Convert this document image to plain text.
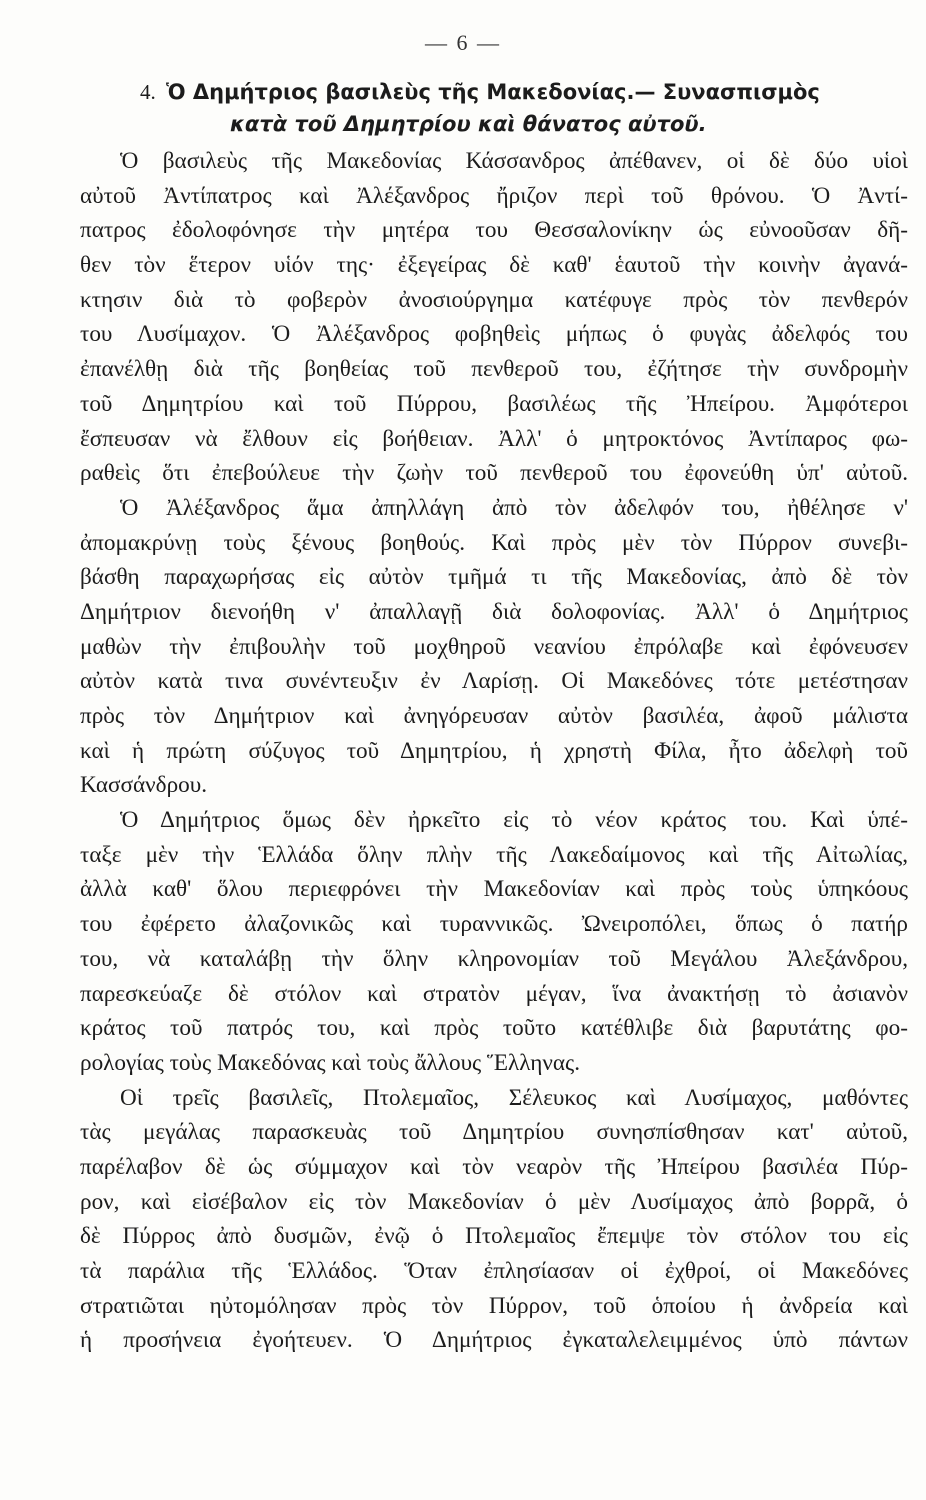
— 6 —
4. Ὁ Δημήτριος βασιλεὺς τῆς Μακεδονίας.— Συνασπισμὸς
κατὰ τοῦ Δημητρίου καὶ θάνατος αὐτοῦ.
Ὁ βασιλεὺς τῆς Μακεδονίας Κάσσανδρος ἀπέθανεν, οἱ δὲ δύο υἱοὶ
αὐτοῦ Ἀντίπατρος καὶ Ἀλέξανδρος ἤριζον περὶ τοῦ θρόνου. Ὁ Ἀντί-
πατρος ἐδολοφόνησε τὴν μητέρα του Θεσσαλονίκην ὡς εὐνοοῦσαν δῆ-
θεν τὸν ἕτερον υἱόν της· ἐξεγείρας δὲ καθ' ἑαυτοῦ τὴν κοινὴν ἀγανά-
κτησιν διὰ τὸ φοβερὸν ἀνοσιούργημα κατέφυγε πρὸς τὸν πενθερόν
του Λυσίμαχον. Ὁ Ἀλέξανδρος φοβηθεὶς μήπως ὁ φυγὰς ἀδελφός του
ἐπανέλθῃ διὰ τῆς βοηθείας τοῦ πενθεροῦ του, ἐζήτησε τὴν συνδρομὴν
τοῦ Δημητρίου καὶ τοῦ Πύρρου, βασιλέως τῆς Ἠπείρου. Ἀμφότεροι
ἔσπευσαν νὰ ἔλθουν εἰς βοήθειαν. Ἀλλ' ὁ μητροκτόνος Ἀντίπαρος φω-
ραθεὶς ὅτι ἐπεβούλευε τὴν ζωὴν τοῦ πενθεροῦ του ἐφονεύθη ὑπ' αὐτοῦ.
Ὁ Ἀλέξανδρος ἅμα ἀπηλλάγη ἀπὸ τὸν ἀδελφόν του, ἠθέλησε ν'
ἀπομακρύνῃ τοὺς ξένους βοηθούς. Καὶ πρὸς μὲν τὸν Πύρρον συνεβι-
βάσθη παραχωρήσας εἰς αὐτὸν τμῆμά τι τῆς Μακεδονίας, ἀπὸ δὲ τὸν
Δημήτριον διενοήθη ν' ἀπαλλαγῇ διὰ δολοφονίας. Ἀλλ' ὁ Δημήτριος
μαθὼν τὴν ἐπιβουλὴν τοῦ μοχθηροῦ νεανίου ἐπρόλαβε καὶ ἐφόνευσεν
αὐτὸν κατὰ τινα συνέντευξιν ἐν Λαρίσῃ. Οἱ Μακεδόνες τότε μετέστησαν
πρὸς τὸν Δημήτριον καὶ ἀνηγόρευσαν αὐτὸν βασιλέα, ἀφοῦ μάλιστα
καὶ ἡ πρώτη σύζυγος τοῦ Δημητρίου, ἡ χρηστὴ Φίλα, ἦτο ἀδελφὴ τοῦ
Κασσάνδρου.
Ὁ Δημήτριος ὅμως δὲν ἠρκεῖτο εἰς τὸ νέον κράτος του. Καὶ ὑπέ-
ταξε μὲν τὴν Ἑλλάδα ὅλην πλὴν τῆς Λακεδαίμονος καὶ τῆς Αἰτωλίας,
ἀλλὰ καθ' ὅλου περιεφρόνει τὴν Μακεδονίαν καὶ πρὸς τοὺς ὑπηκόους
του ἐφέρετο ἀλαζονικῶς καὶ τυραννικῶς. Ὠνειροπόλει, ὅπως ὁ πατήρ
του, νὰ καταλάβῃ τὴν ὅλην κληρονομίαν τοῦ Μεγάλου Ἀλεξάνδρου,
παρεσκεύαζε δὲ στόλον καὶ στρατὸν μέγαν, ἵνα ἀνακτήσῃ τὸ ἀσιανὸν
κράτος τοῦ πατρός του, καὶ πρὸς τοῦτο κατέθλιβε διὰ βαρυτάτης φο-
ρολογίας τοὺς Μακεδόνας καὶ τοὺς ἄλλους Ἕλληνας.
Οἱ τρεῖς βασιλεῖς, Πτολεμαῖος, Σέλευκος καὶ Λυσίμαχος, μαθόντες
τὰς μεγάλας παρασκευὰς τοῦ Δημητρίου συνησπίσθησαν κατ' αὐτοῦ,
παρέλαβον δὲ ὡς σύμμαχον καὶ τὸν νεαρὸν τῆς Ἠπείρου βασιλέα Πύρ-
ρον, καὶ εἰσέβαλον εἰς τὸν Μακεδονίαν ὁ μὲν Λυσίμαχος ἀπὸ βορρᾶ, ὁ
δὲ Πύρρος ἀπὸ δυσμῶν, ἐνῷ ὁ Πτολεμαῖος ἔπεμψε τὸν στόλον του εἰς
τὰ παράλια τῆς Ἑλλάδος. Ὅταν ἐπλησίασαν οἱ ἐχθροί, οἱ Μακεδόνες
στρατιῶται ηὐτομόλησαν πρὸς τὸν Πύρρον, τοῦ ὁποίου ἡ ἀνδρεία καὶ
ἡ προσήνεια ἐγοήτευεν. Ὁ Δημήτριος ἐγκαταλελειμμένος ὑπὸ πάντων
